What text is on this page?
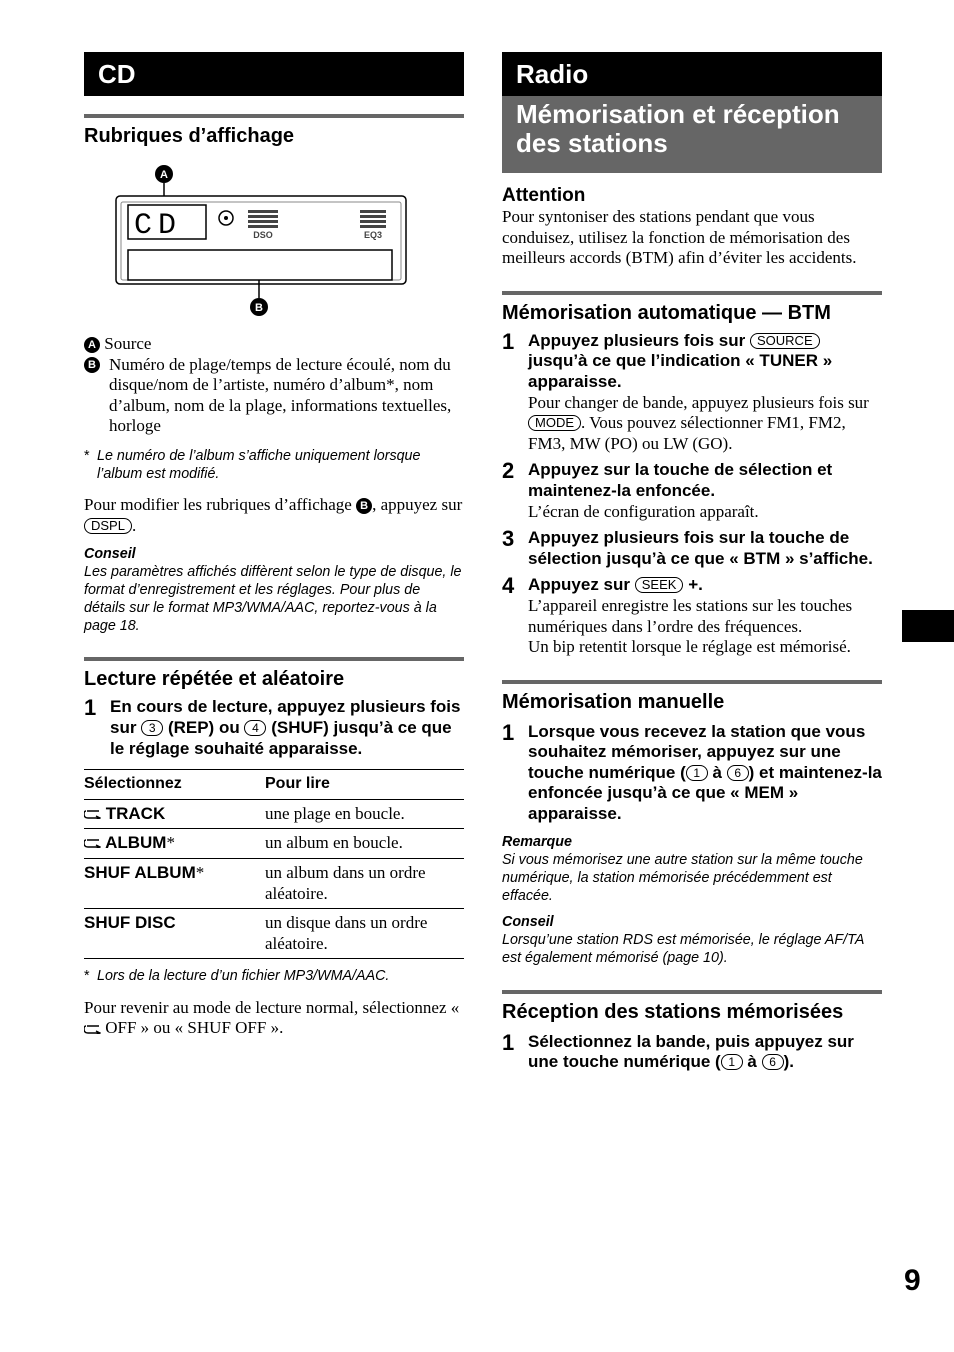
CD
Rubriques d’affichage
A
CD	DSO	EQ3
B

A Source

B Numéro de plage/temps de lecture écoulé, nom du disque/nom de l’artiste, numéro d’album*, nom d’album, nom de la plage, informations textuelles, horloge

* Le numéro de l’album s’affiche uniquement lorsque l’album est modifié.

Pour modifier les rubriques d’affichage B , appuyez sur DSPL .

Conseil
Les paramètres affichés diffèrent selon le type de disque, le format d’enregistrement et les réglages. Pour plus de détails sur le format MP3/WMA/AAC, reportez-vous à la page 18.
Lecture répétée et aléatoire
1 En cours de lecture, appuyez plusieurs fois sur 3 (REP) ou 4 (SHUF) jusqu’à ce que le réglage souhaité apparaisse.
Sélectionnez	Pour lire
TRACK	une plage en boucle.
ALBUM*	un album en boucle.
SHUF ALBUM*	un album dans un ordre aléatoire.
SHUF DISC	un disque dans un ordre aléatoire.
* Lors de la lecture d’un fichier MP3/WMA/AAC.

Pour revenir au mode de lecture normal, sélectionnez «  OFF » ou « SHUF OFF ».

Radio
Mémorisation et réception des stations
Attention

Pour syntoniser des stations pendant que vous conduisez, utilisez la fonction de mémorisation des meilleurs accords (BTM) afin d’éviter les accidents.

Mémorisation automatique — BTM
1 Appuyez plusieurs fois sur SOURCE jusqu’à ce que l’indication « TUNER » apparaisse.

Pour changer de bande, appuyez plusieurs fois sur MODE . Vous pouvez sélectionner FM1, FM2, FM3, MW (PO) ou LW (GO).

2 Appuyez sur la touche de sélection et maintenez-la enfoncée.

L’écran de configuration apparaît.

3 Appuyez plusieurs fois sur la touche de sélection jusqu’à ce que « BTM » s’affiche.
4 Appuyez sur SEEK +.

L’appareil enregistre les stations sur les touches numériques dans l’ordre des fréquences.

Un bip retentit lorsque le réglage est mémorisé.

Mémorisation manuelle
1 Lorsque vous recevez la station que vous souhaitez mémoriser, appuyez sur une touche numérique ( 1 à 6 ) et maintenez-la enfoncée jusqu’à ce que « MEM » apparaisse.
Remarque
Si vous mémorisez une autre station sur la même touche numérique, la station mémorisée précédemment est effacée.
Conseil
Lorsqu’une station RDS est mémorisée, le réglage AF/TA est également mémorisé (page 10).
Réception des stations mémorisées
1 Sélectionnez la bande, puis appuyez sur une touche numérique ( 1 à 6 ).
9
